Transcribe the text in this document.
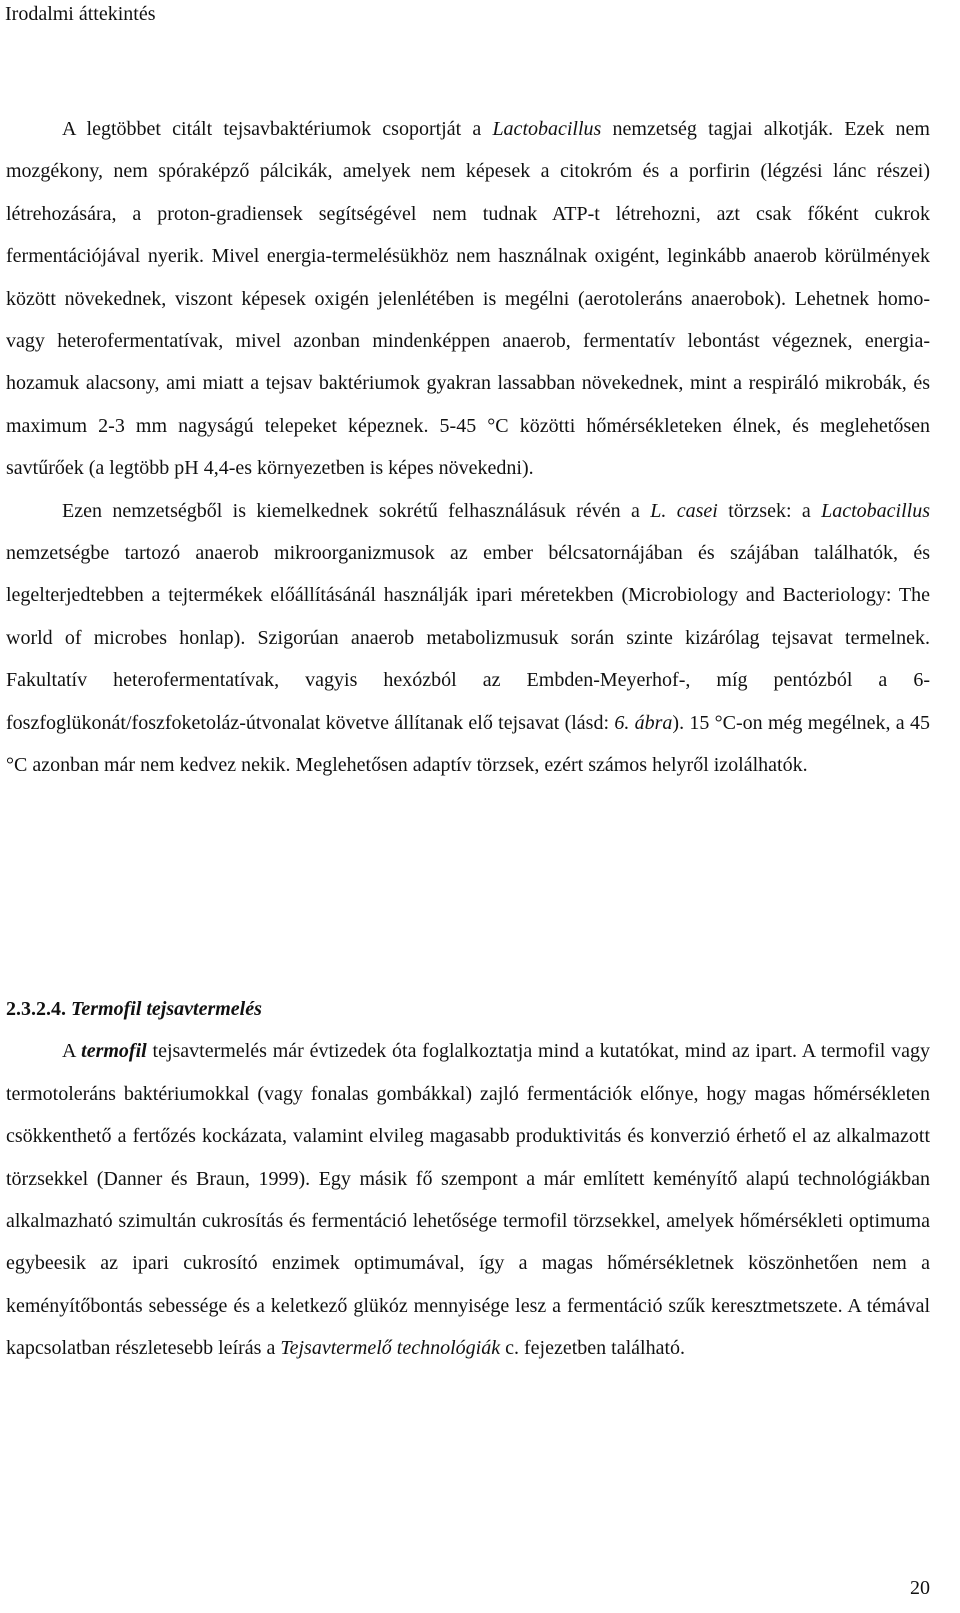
Irodalmi áttekintés

A legtöbbet citált tejsavbaktériumok csoportját a Lactobacillus nemzetség tagjai alkotják. Ezek nem mozgékony, nem spóraképző pálcikák, amelyek nem képesek a citokróm és a porfirin (légzési lánc részei) létrehozására, a proton-gradiensek segítségével nem tudnak ATP-t létrehozni, azt csak főként cukrok fermentációjával nyerik. Mivel energia-termelésükhöz nem használnak oxigént, leginkább anaerob körülmények között növekednek, viszont képesek oxigén jelenlétében is megélni (aerotoleráns anaerobok). Lehetnek homo- vagy heterofermentatívak, mivel azonban mindenképpen anaerob, fermentatív lebontást végeznek, energia-hozamuk alacsony, ami miatt a tejsav baktériumok gyakran lassabban növekednek, mint a respiráló mikrobák, és maximum 2-3 mm nagyságú telepeket képeznek. 5-45 °C közötti hőmérsékleteken élnek, és meglehetősen savtűrőek (a legtöbb pH 4,4-es környezetben is képes növekedni).

Ezen nemzetségből is kiemelkednek sokrétű felhasználásuk révén a L. casei törzsek: a Lactobacillus nemzetségbe tartozó anaerob mikroorganizmusok az ember bélcsatornájában és szájában találhatók, és legelterjedtebben a tejtermékek előállításánál használják ipari méretekben (Microbiology and Bacteriology: The world of microbes honlap). Szigorúan anaerob metabolizmusuk során szinte kizárólag tejsavat termelnek. Fakultatív heterofermentatívak, vagyis hexózból az Embden-Meyerhof-, míg pentózból a 6-foszfoglükonát/foszfoketoláz-útvonalat követve állítanak elő tejsavat (lásd: 6. ábra). 15 °C-on még megélnek, a 45 °C azonban már nem kedvez nekik. Meglehetősen adaptív törzsek, ezért számos helyről izolálhatók.

2.3.2.4. Termofil tejsavtermelés

A termofil tejsavtermelés már évtizedek óta foglalkoztatja mind a kutatókat, mind az ipart. A termofil vagy termotoleráns baktériumokkal (vagy fonalas gombákkal) zajló fermentációk előnye, hogy magas hőmérsékleten csökkenthető a fertőzés kockázata, valamint elvileg magasabb produktivitás és konverzió érhető el az alkalmazott törzsekkel (Danner és Braun, 1999). Egy másik fő szempont a már említett keményítő alapú technológiákban alkalmazható szimultán cukrosítás és fermentáció lehetősége termofil törzsekkel, amelyek hőmérsékleti optimuma egybeesik az ipari cukrosító enzimek optimumával, így a magas hőmérsékletnek köszönhetően nem a keményítőbontás sebessége és a keletkező glükóz mennyisége lesz a fermentáció szűk keresztmetszete. A témával kapcsolatban részletesebb leírás a Tejsavtermelő technológiák c. fejezetben található.

20
